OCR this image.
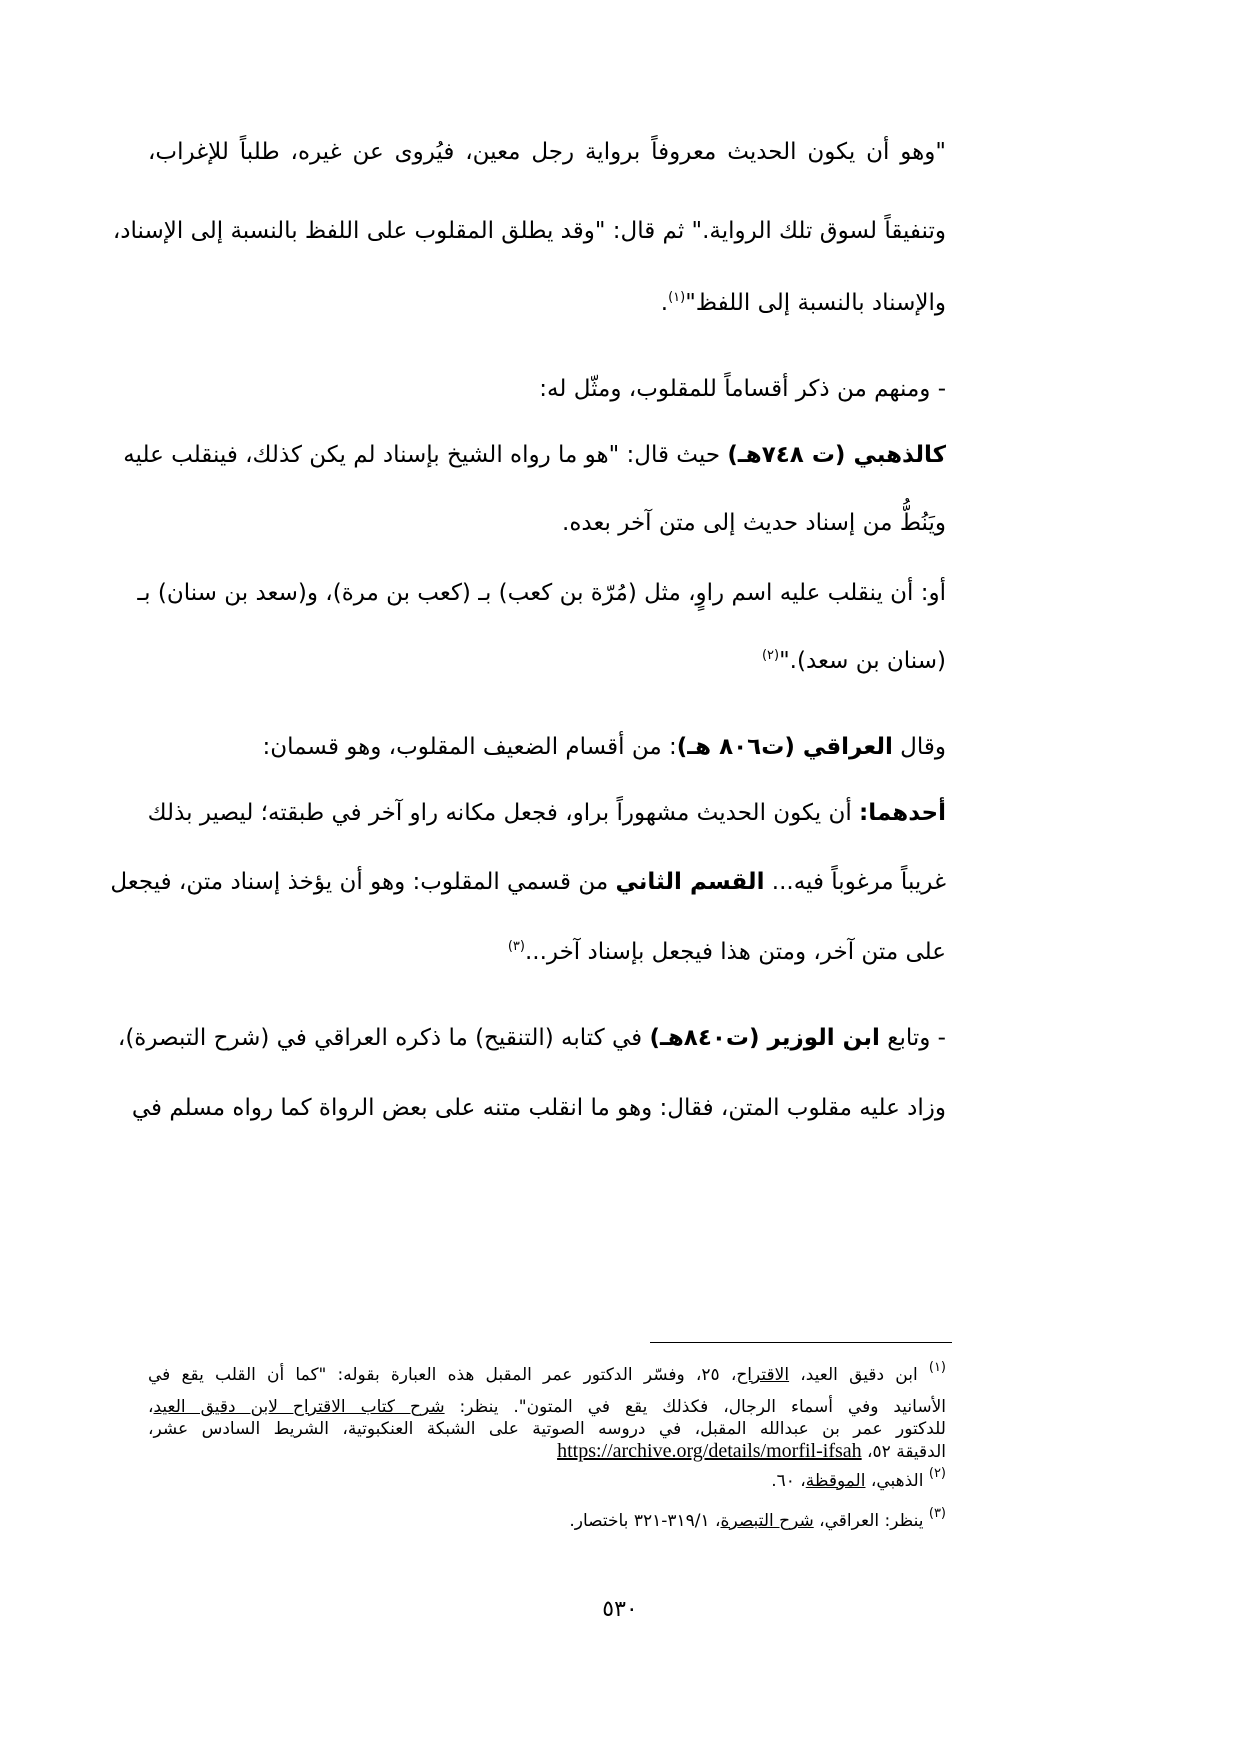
"وهو أن يكون الحديث معروفاً برواية رجل معين، فيُروى عن غيره، طلباً للإغراب،
وتنفيقاً لسوق تلك الرواية." ثم قال: "وقد يطلق المقلوب على اللفظ بالنسبة إلى الإسناد،
والإسناد بالنسبة إلى اللفظ"$^{(١)}$.
- ومنهم من ذكر أقساماً للمقلوب، ومثّل له:
كالذهبي (ت ٧٤٨هـ) حيث قال: "هو ما رواه الشيخ بإسناد لم يكن كذلك، فينقلب عليه
ويَنُطُّ من إسناد حديث إلى متن آخر بعده.
أو: أن ينقلب عليه اسم راوٍ، مثل (مُرّة بن كعب) بـ (كعب بن مرة)، و(سعد بن سنان) بـ
(سنان بن سعد)."$^{(٢)}$
وقال العراقي (ت٨٠٦ هـ): من أقسام الضعيف المقلوب، وهو قسمان:
أحدهما: أن يكون الحديث مشهوراً براو، فجعل مكانه راو آخر في طبقته؛ ليصير بذلك
غريباً مرغوباً فيه... القسم الثاني من قسمي المقلوب: وهو أن يؤخذ إسناد متن، فيجعل
على متن آخر، ومتن هذا فيجعل بإسناد آخر...$^{(٣)}$
- وتابع ابن الوزير (ت٨٤٠هـ) في كتابه (التنقيح) ما ذكره العراقي في (شرح التبصرة)،
وزاد عليه مقلوب المتن، فقال: وهو ما انقلب متنه على بعض الرواة كما رواه مسلم في
$^{(١)}$ ابن دقيق العيد، الاقتراح، ٢٥، وفسّر الدكتور عمر المقبل هذه العبارة بقوله: "كما أن القلب يقع في
الأسانيد وفي أسماء الرجال، فكذلك يقع في المتون". ينظر: شرح كتاب الاقتراح لابن دقيق العيد،
للدكتور عمر بن عبدالله المقبل، في دروسه الصوتية على الشبكة العنكبوتية، الشريط السادس عشر،
الدقيقة ٥٢، https://archive.org/details/morfil-ifsah
$^{(٢)}$ الذهبي، الموقظة، ٦٠.
$^{(٣)}$ ينظر: العراقي، شرح التبصرة، ٣١٩/١-٣٢١ باختصار.
٥٣٠
